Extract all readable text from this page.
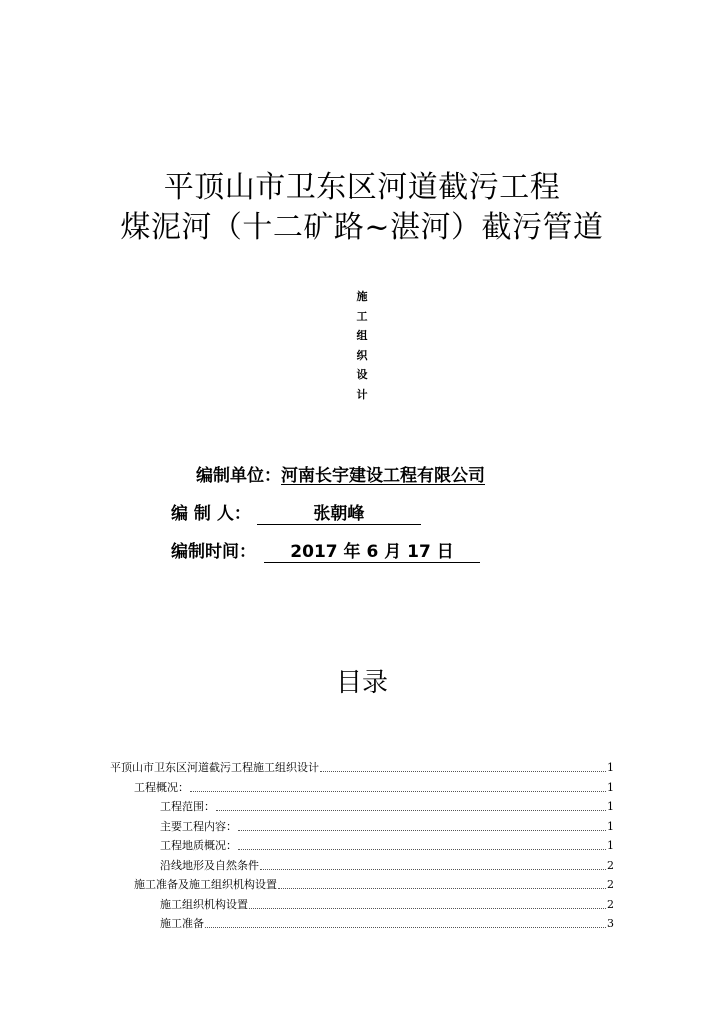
平顶山市卫东区河道截污工程
煤泥河（十二矿路~湛河）截污管道
施
工
组
织
设
计
编制单位：河南长宇建设工程有限公司
编 制 人：	张朝峰
编制时间： 2017 年 6 月 17 日
目录
平顶山市卫东区河道截污工程施工组织设计	1
工程概况：	1
工程范围：	1
主要工程内容：	1
工程地质概况：	1
沿线地形及自然条件	2
施工准备及施工组织机构设置	2
施工组织机构设置	2
施工准备	3
